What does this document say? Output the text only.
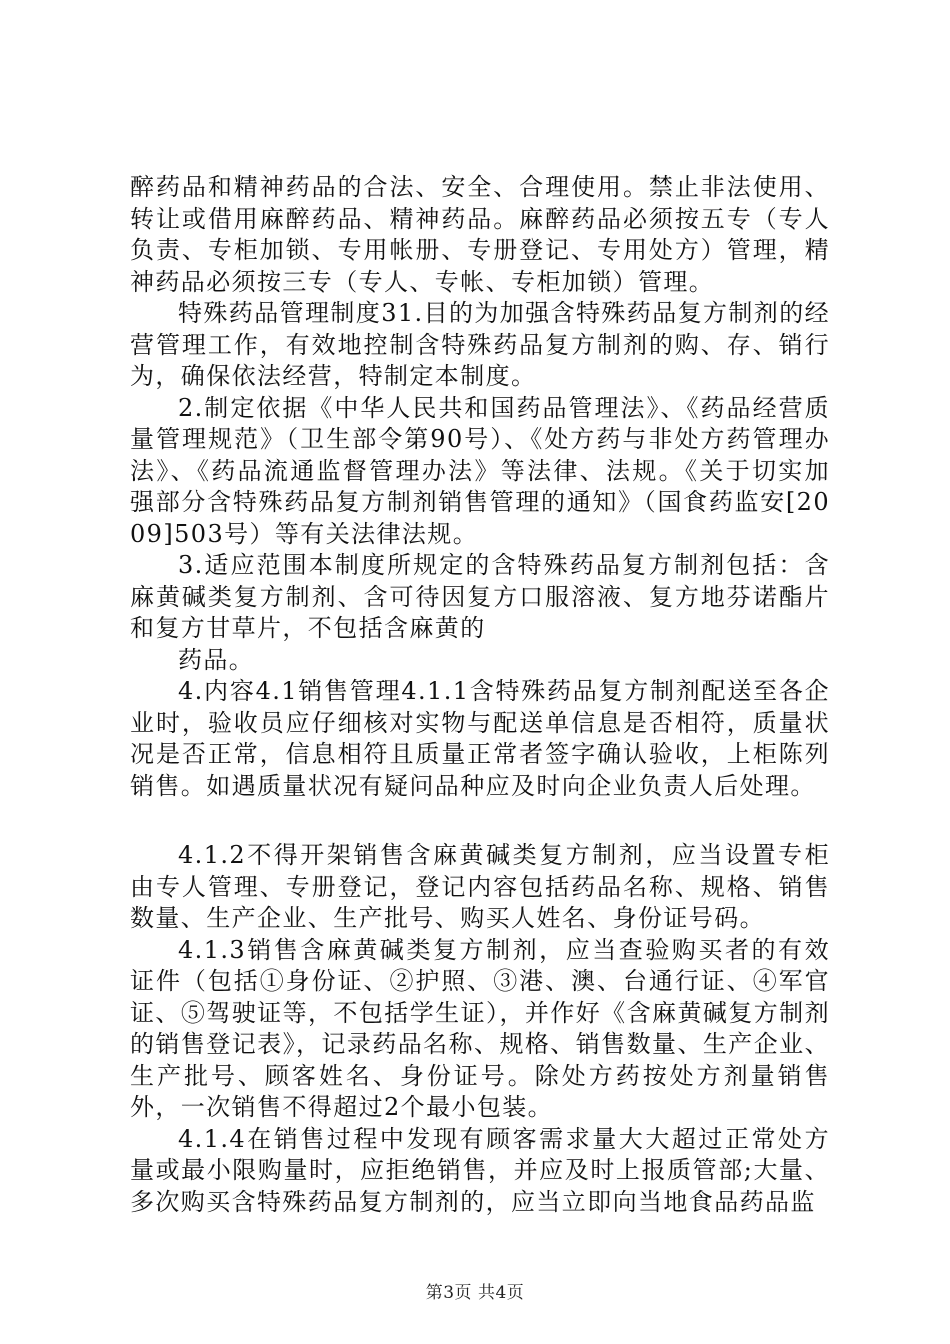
醉药品和精神药品的合法、安全、合理使用。禁止非法使用、转让或借用麻醉药品、精神药品。麻醉药品必须按五专（专人负责、专柜加锁、专用帐册、专册登记、专用处方）管理，精神药品必须按三专（专人、专帐、专柜加锁）管理。

特殊药品管理制度31.目的为加强含特殊药品复方制剂的经营管理工作，有效地控制含特殊药品复方制剂的购、存、销行为，确保依法经营，特制定本制度。

2.制定依据《中华人民共和国药品管理法》、《药品经营质量管理规范》（卫生部令第90号）、《处方药与非处方药管理办法》、《药品流通监督管理办法》等法律、法规。《关于切实加强部分含特殊药品复方制剂销售管理的通知》（国食药监安[2009]503号）等有关法律法规。

3.适应范围本制度所规定的含特殊药品复方制剂包括：含麻黄碱类复方制剂、含可待因复方口服溶液、复方地芬诺酯片和复方甘草片，不包括含麻黄的

药品。

4.内容4.1销售管理4.1.1含特殊药品复方制剂配送至各企业时，验收员应仔细核对实物与配送单信息是否相符，质量状况是否正常，信息相符且质量正常者签字确认验收，上柜陈列销售。如遇质量状况有疑问品种应及时向企业负责人后处理。

4.1.2不得开架销售含麻黄碱类复方制剂，应当设置专柜由专人管理、专册登记，登记内容包括药品名称、规格、销售数量、生产企业、生产批号、购买人姓名、身份证号码。

4.1.3销售含麻黄碱类复方制剂，应当查验购买者的有效证件（包括①身份证、②护照、③港、澳、台通行证、④军官证、⑤驾驶证等，不包括学生证），并作好《含麻黄碱复方制剂的销售登记表》，记录药品名称、规格、销售数量、生产企业、生产批号、顾客姓名、身份证号。除处方药按处方剂量销售外，一次销售不得超过2个最小包装。

4.1.4在销售过程中发现有顾客需求量大大超过正常处方量或最小限购量时，应拒绝销售，并应及时上报质管部;大量、多次购买含特殊药品复方制剂的，应当立即向当地食品药品监

第3页 共4页
